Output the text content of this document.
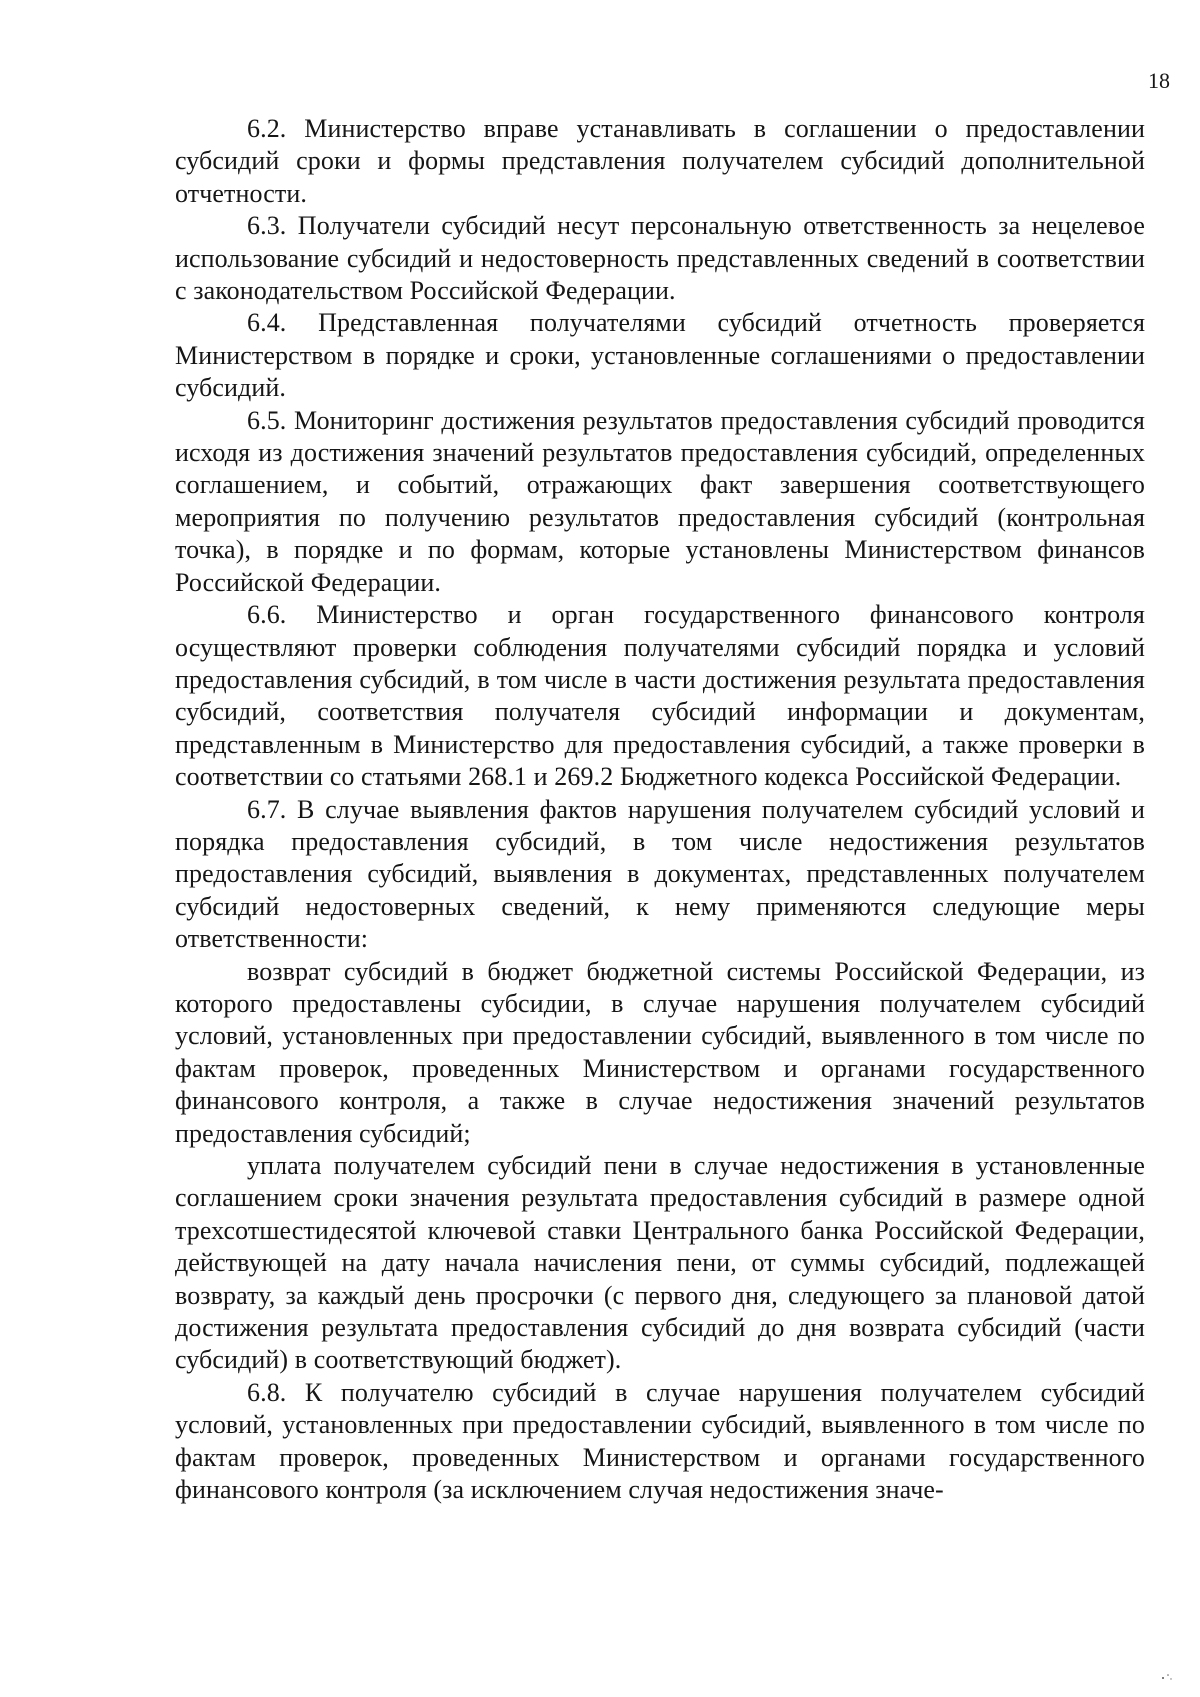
18

6.2. Министерство вправе устанавливать в соглашении о предоставлении субсидий сроки и формы представления получателем субсидий дополнительной отчетности.

6.3. Получатели субсидий несут персональную ответственность за нецелевое использование субсидий и недостоверность представленных сведений в соответствии с законодательством Российской Федерации.

6.4. Представленная получателями субсидий отчетность проверяется Министерством в порядке и сроки, установленные соглашениями о предоставлении субсидий.

6.5. Мониторинг достижения результатов предоставления субсидий проводится исходя из достижения значений результатов предоставления субсидий, определенных соглашением, и событий, отражающих факт завершения соответствующего мероприятия по получению результатов предоставления субсидий (контрольная точка), в порядке и по формам, которые установлены Министерством финансов Российской Федерации.

6.6. Министерство и орган государственного финансового контроля осуществляют проверки соблюдения получателями субсидий порядка и условий предоставления субсидий, в том числе в части достижения результата предоставления субсидий, соответствия получателя субсидий информации и документам, представленным в Министерство для предоставления субсидий, а также проверки в соответствии со статьями 268.1 и 269.2 Бюджетного кодекса Российской Федерации.

6.7. В случае выявления фактов нарушения получателем субсидий условий и порядка предоставления субсидий, в том числе недостижения результатов предоставления субсидий, выявления в документах, представленных получателем субсидий недостоверных сведений, к нему применяются следующие меры ответственности:

возврат субсидий в бюджет бюджетной системы Российской Федерации, из которого предоставлены субсидии, в случае нарушения получателем субсидий условий, установленных при предоставлении субсидий, выявленного в том числе по фактам проверок, проведенных Министерством и органами государственного финансового контроля, а также в случае недостижения значений результатов предоставления субсидий;

уплата получателем субсидий пени в случае недостижения в установленные соглашением сроки значения результата предоставления субсидий в размере одной трехсотшестидесятой ключевой ставки Центрального банка Российской Федерации, действующей на дату начала начисления пени, от суммы субсидий, подлежащей возврату, за каждый день просрочки (с первого дня, следующего за плановой датой достижения результата предоставления субсидий до дня возврата субсидий (части субсидий) в соответствующий бюджет).

6.8. К получателю субсидий в случае нарушения получателем субсидий условий, установленных при предоставлении субсидий, выявленного в том числе по фактам проверок, проведенных Министерством и органами государственного финансового контроля (за исключением случая недостижения значе-
